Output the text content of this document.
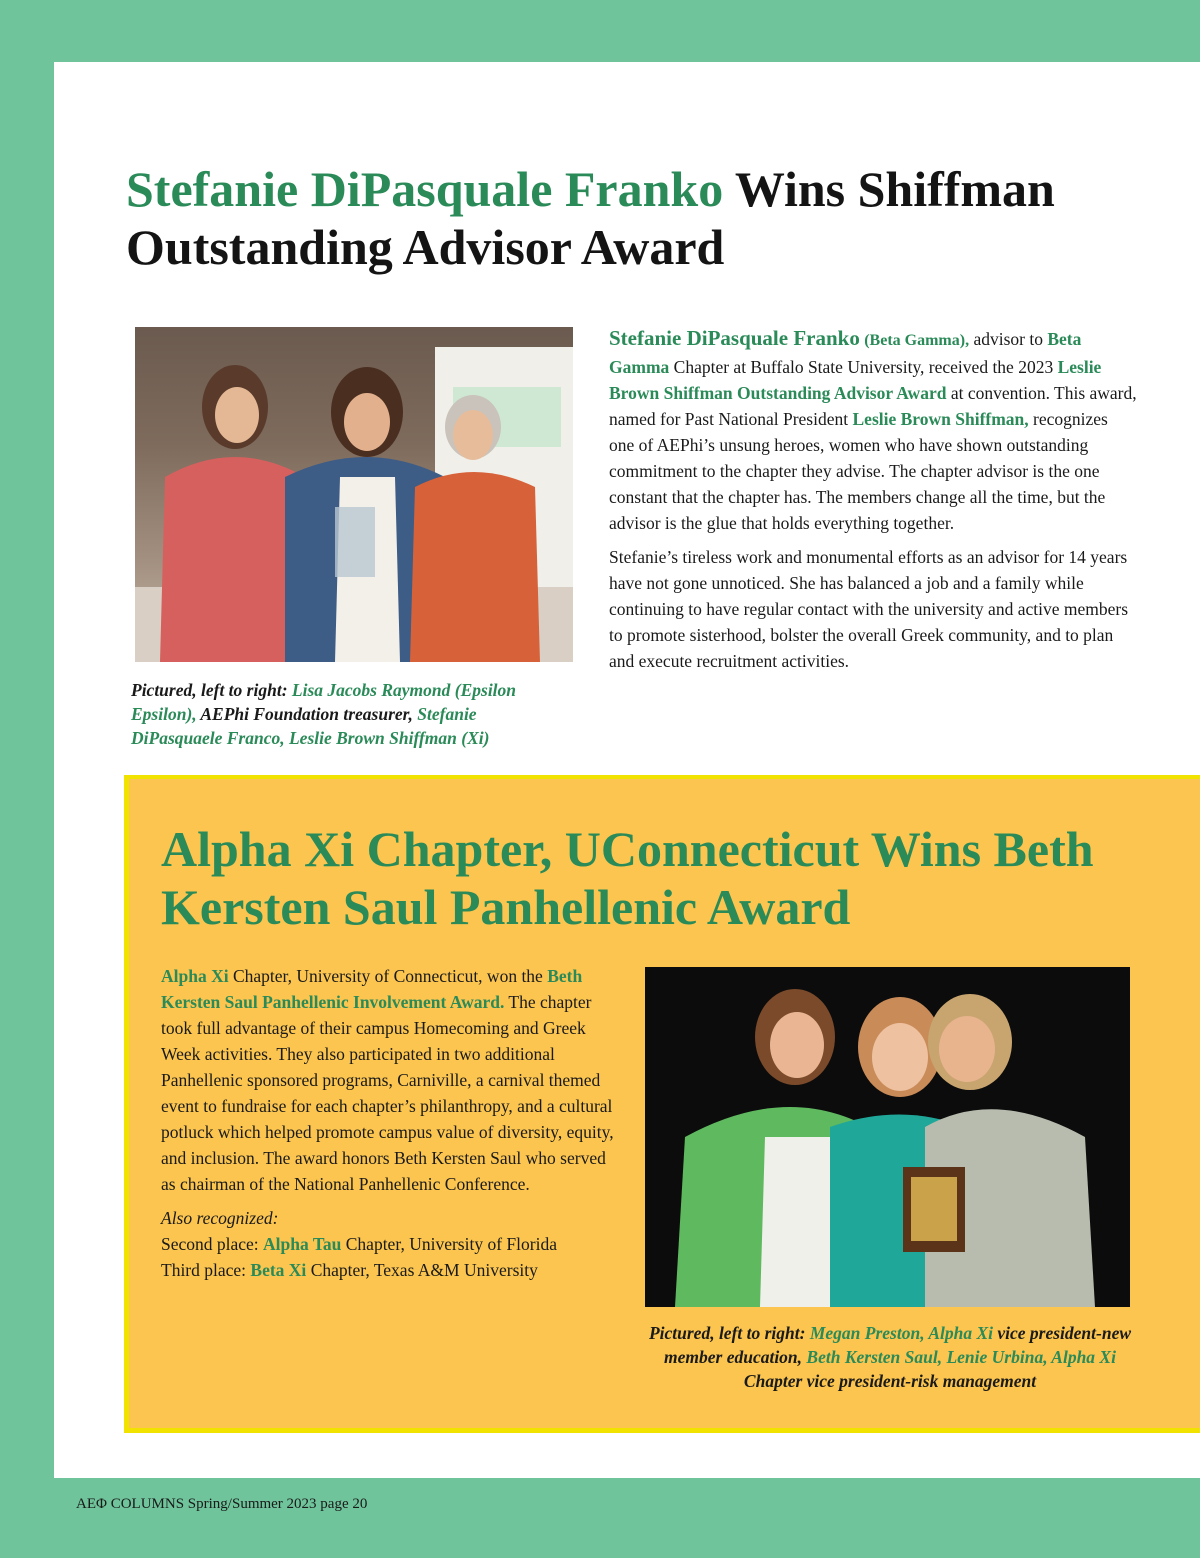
Stefanie DiPasquale Franko Wins Shiffman Outstanding Advisor Award
Pictured, left to right: Lisa Jacobs Raymond (Epsilon Epsilon), AEPhi Foundation treasurer, Stefanie DiPasquaele Franco, Leslie Brown Shiffman (Xi)

Stefanie DiPasquale Franko (Beta Gamma), advisor to Beta Gamma Chapter at Buffalo State University, received the 2023 Leslie Brown Shiffman Outstanding Advisor Award at convention. This award, named for Past National President Leslie Brown Shiffman, recognizes one of AEPhi’s unsung heroes, women who have shown outstanding commitment to the chapter they advise. The chapter advisor is the one constant that the chapter has. The members change all the time, but the advisor is the glue that holds everything together.

Stefanie’s tireless work and monumental efforts as an advisor for 14 years have not gone unnoticed. She has balanced a job and a family while continuing to have regular contact with the university and active members to promote sisterhood, bolster the overall Greek community, and to plan and execute recruitment activities.

Alpha Xi Chapter, UConnecticut Wins Beth Kersten Saul Panhellenic Award

Alpha Xi Chapter, University of Connecticut, won the Beth Kersten Saul Panhellenic Involvement Award. The chapter took full advantage of their campus Homecoming and Greek Week activities. They also participated in two additional Panhellenic sponsored programs, Carniville, a carnival themed event to fundraise for each chapter’s philanthropy, and a cultural potluck which helped promote campus value of diversity, equity, and inclusion. The award honors Beth Kersten Saul who served as chairman of the National Panhellenic Conference.

Also recognized:

Second place: Alpha Tau Chapter, University of Florida

Third place: Beta Xi Chapter, Texas A&M University

Pictured, left to right: Megan Preston, Alpha Xi vice president-new member education, Beth Kersten Saul, Lenie Urbina, Alpha Xi Chapter vice president-risk management
AEΦ COLUMNS Spring/Summer 2023 page 20
